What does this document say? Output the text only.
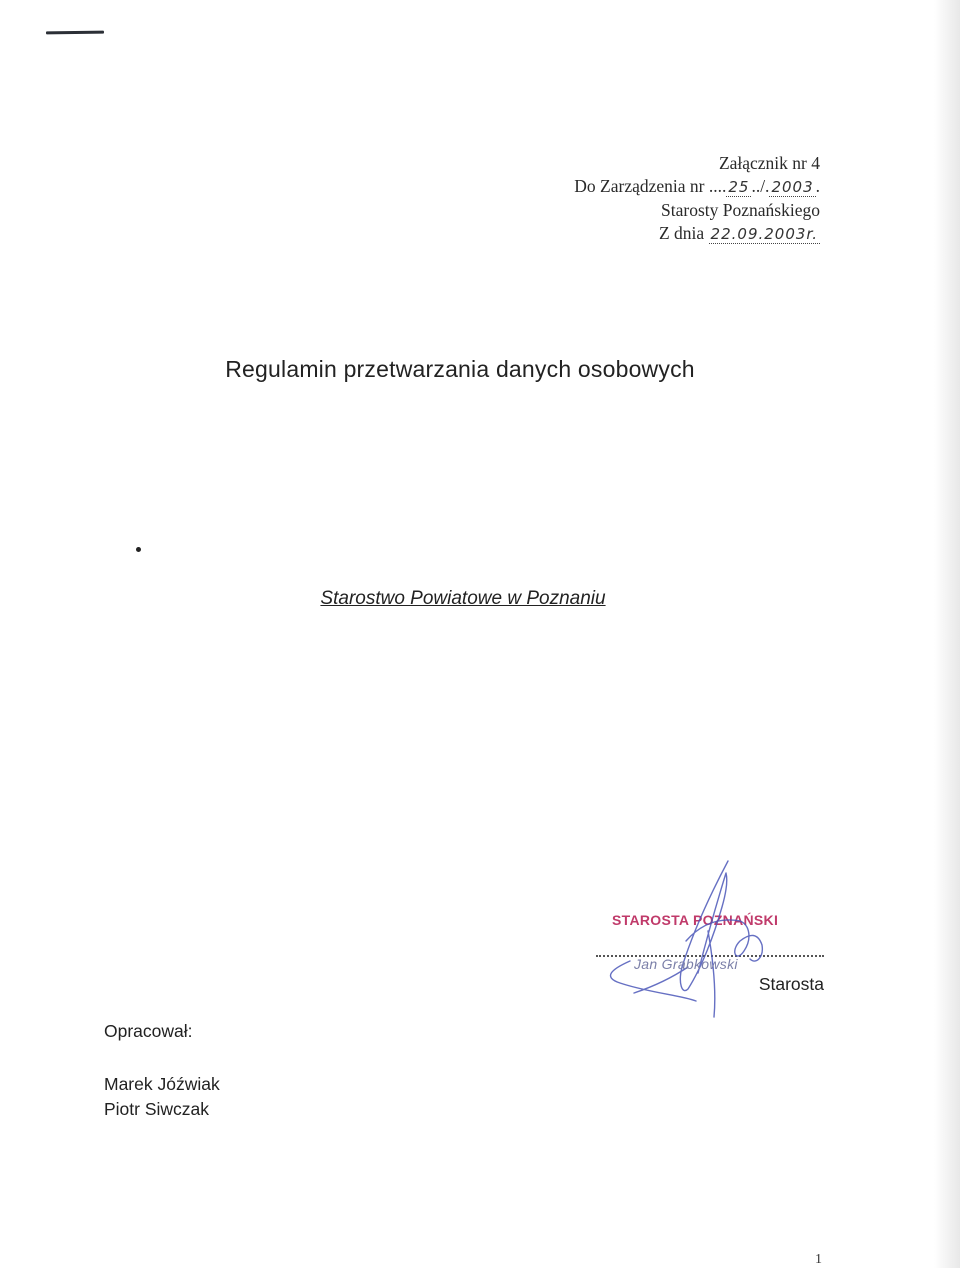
Załącznik nr 4
Do Zarządzenia nr .... 25 ../. 2003 .
Starosty Poznańskiego
Z dnia 22.09.2003r.
Regulamin przetwarzania danych osobowych
Starostwo Powiatowe w Poznaniu
STAROSTA POZNAŃSKI
Jan Grabkowski
Starosta
Opracował:
Marek Jóźwiak
Piotr Siwczak
1
